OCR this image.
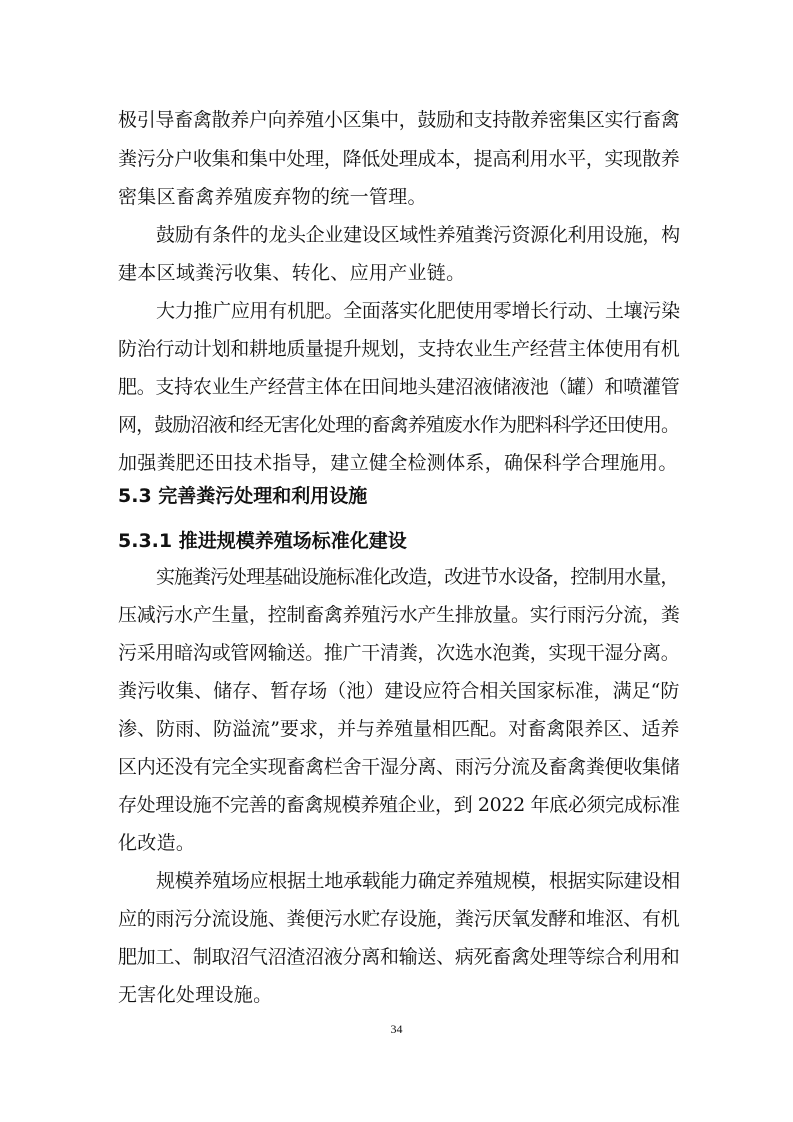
极引导畜禽散养户向养殖小区集中，鼓励和支持散养密集区实行畜禽
粪污分户收集和集中处理，降低处理成本，提高利用水平，实现散养
密集区畜禽养殖废弃物的统一管理。
鼓励有条件的龙头企业建设区域性养殖粪污资源化利用设施，构
建本区域粪污收集、转化、应用产业链。
大力推广应用有机肥。全面落实化肥使用零增长行动、土壤污染
防治行动计划和耕地质量提升规划，支持农业生产经营主体使用有机
肥。支持农业生产经营主体在田间地头建沼液储液池（罐）和喷灌管
网，鼓励沼液和经无害化处理的畜禽养殖废水作为肥料科学还田使用。
加强粪肥还田技术指导，建立健全检测体系，确保科学合理施用。
5.3 完善粪污处理和利用设施
5.3.1 推进规模养殖场标准化建设
实施粪污处理基础设施标准化改造，改进节水设备，控制用水量，
压减污水产生量，控制畜禽养殖污水产生排放量。实行雨污分流，粪
污采用暗沟或管网输送。推广干清粪，次选水泡粪，实现干湿分离。
粪污收集、储存、暂存场（池）建设应符合相关国家标准，满足“防
渗、防雨、防溢流”要求，并与养殖量相匹配。对畜禽限养区、适养
区内还没有完全实现畜禽栏舍干湿分离、雨污分流及畜禽粪便收集储
存处理设施不完善的畜禽规模养殖企业，到 2022 年底必须完成标准
化改造。
规模养殖场应根据土地承载能力确定养殖规模，根据实际建设相
应的雨污分流设施、粪便污水贮存设施，粪污厌氧发酵和堆沤、有机
肥加工、制取沼气沼渣沼液分离和输送、病死畜禽处理等综合利用和
无害化处理设施。
34
